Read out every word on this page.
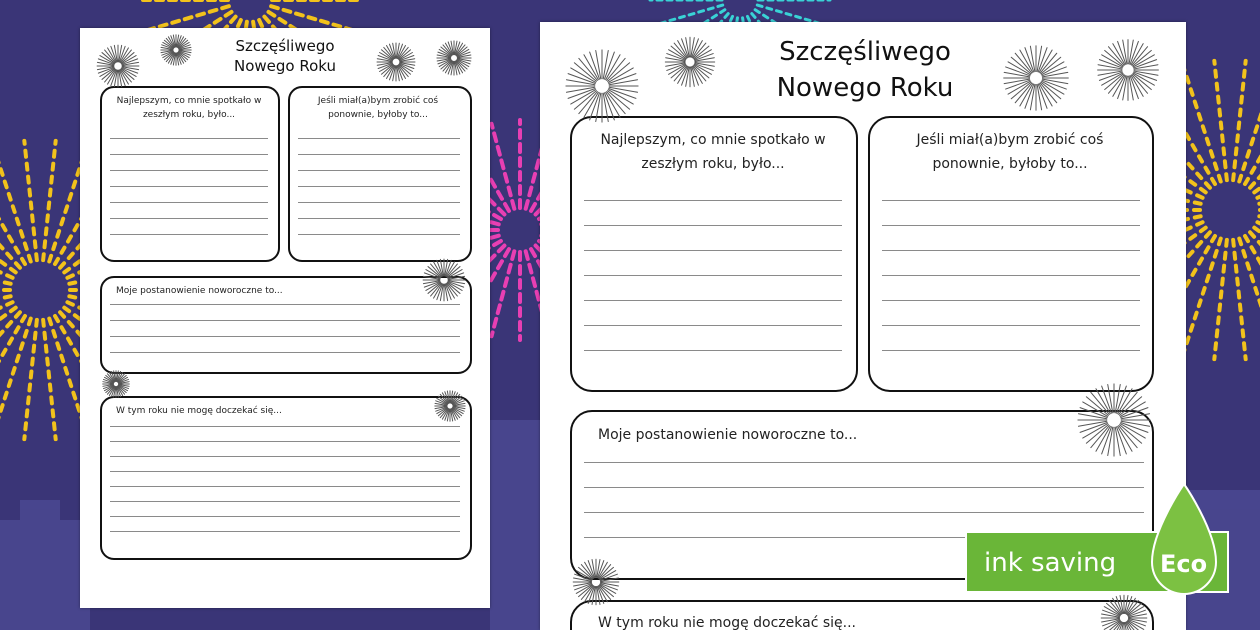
Szczęśliwego
Nowego Roku
Najlepszym, co mnie spotkało w zeszłym roku, było...
Jeśli miał(a)bym zrobić coś ponownie, byłoby to...
Moje postanowienie noworoczne to...
W tym roku nie mogę doczekać się...
Szczęśliwego
Nowego Roku
Najlepszym, co mnie spotkało w zeszłym roku, było...
Jeśli miał(a)bym zrobić coś ponownie, byłoby to...
Moje postanowienie noworoczne to...
W tym roku nie mogę doczekać się...
ink saving Eco
